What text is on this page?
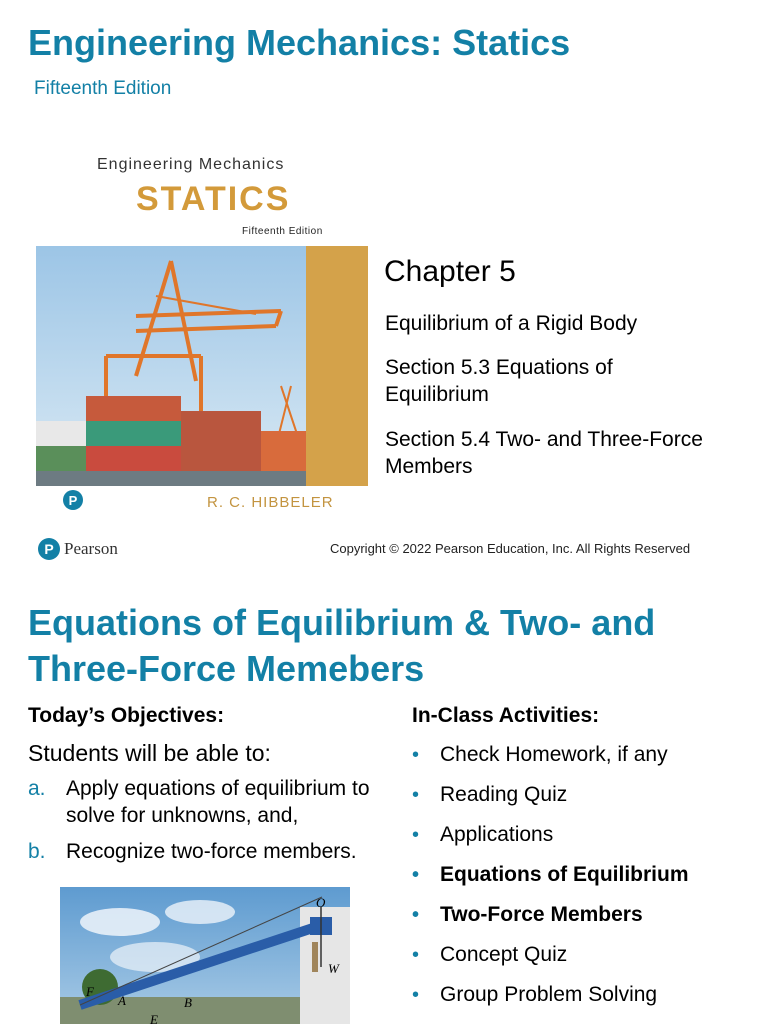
Engineering Mechanics: Statics
Fifteenth Edition
Engineering Mechanics
STATICS
Fifteenth Edition
P	R. C. HIBBELER
Chapter 5
Equilibrium of a Rigid Body
Section 5.3 Equations of Equilibrium
Section 5.4 Two- and Three-Force Members
P Pearson	Copyright © 2022 Pearson Education, Inc. All Rights Reserved
Equations of Equilibrium & Two- and Three-Force Memebers
Today’s Objectives:
Students will be able to:
a. Apply equations of equilibrium to solve for unknowns, and,
b. Recognize two-force members.
In-Class Activities:
• Check Homework, if any
• Reading Quiz
• Applications
• Equations of Equilibrium
• Two-Force Members
• Concept Quiz
• Group Problem Solving
O
W
F
A	B
E
